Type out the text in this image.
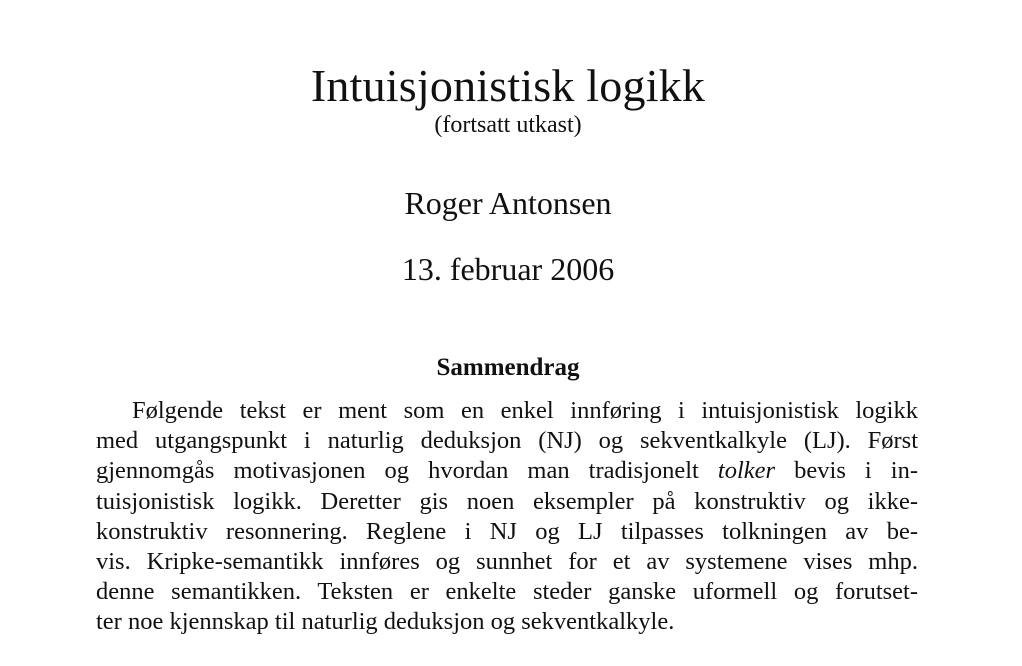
Intuisjonistisk logikk
(fortsatt utkast)
Roger Antonsen
13. februar 2006
Sammendrag
Følgende tekst er ment som en enkel innføring i intuisjonistisk logikk
med utgangspunkt i naturlig deduksjon (NJ) og sekventkalkyle (LJ). Først
gjennomgås motivasjonen og hvordan man tradisjonelt tolker bevis i in-
tuisjonistisk logikk. Deretter gis noen eksempler på konstruktiv og ikke-
konstruktiv resonnering. Reglene i NJ og LJ tilpasses tolkningen av be-
vis. Kripke-semantikk innføres og sunnhet for et av systemene vises mhp.
denne semantikken. Teksten er enkelte steder ganske uformell og forutset-
ter noe kjennskap til naturlig deduksjon og sekventkalkyle.
